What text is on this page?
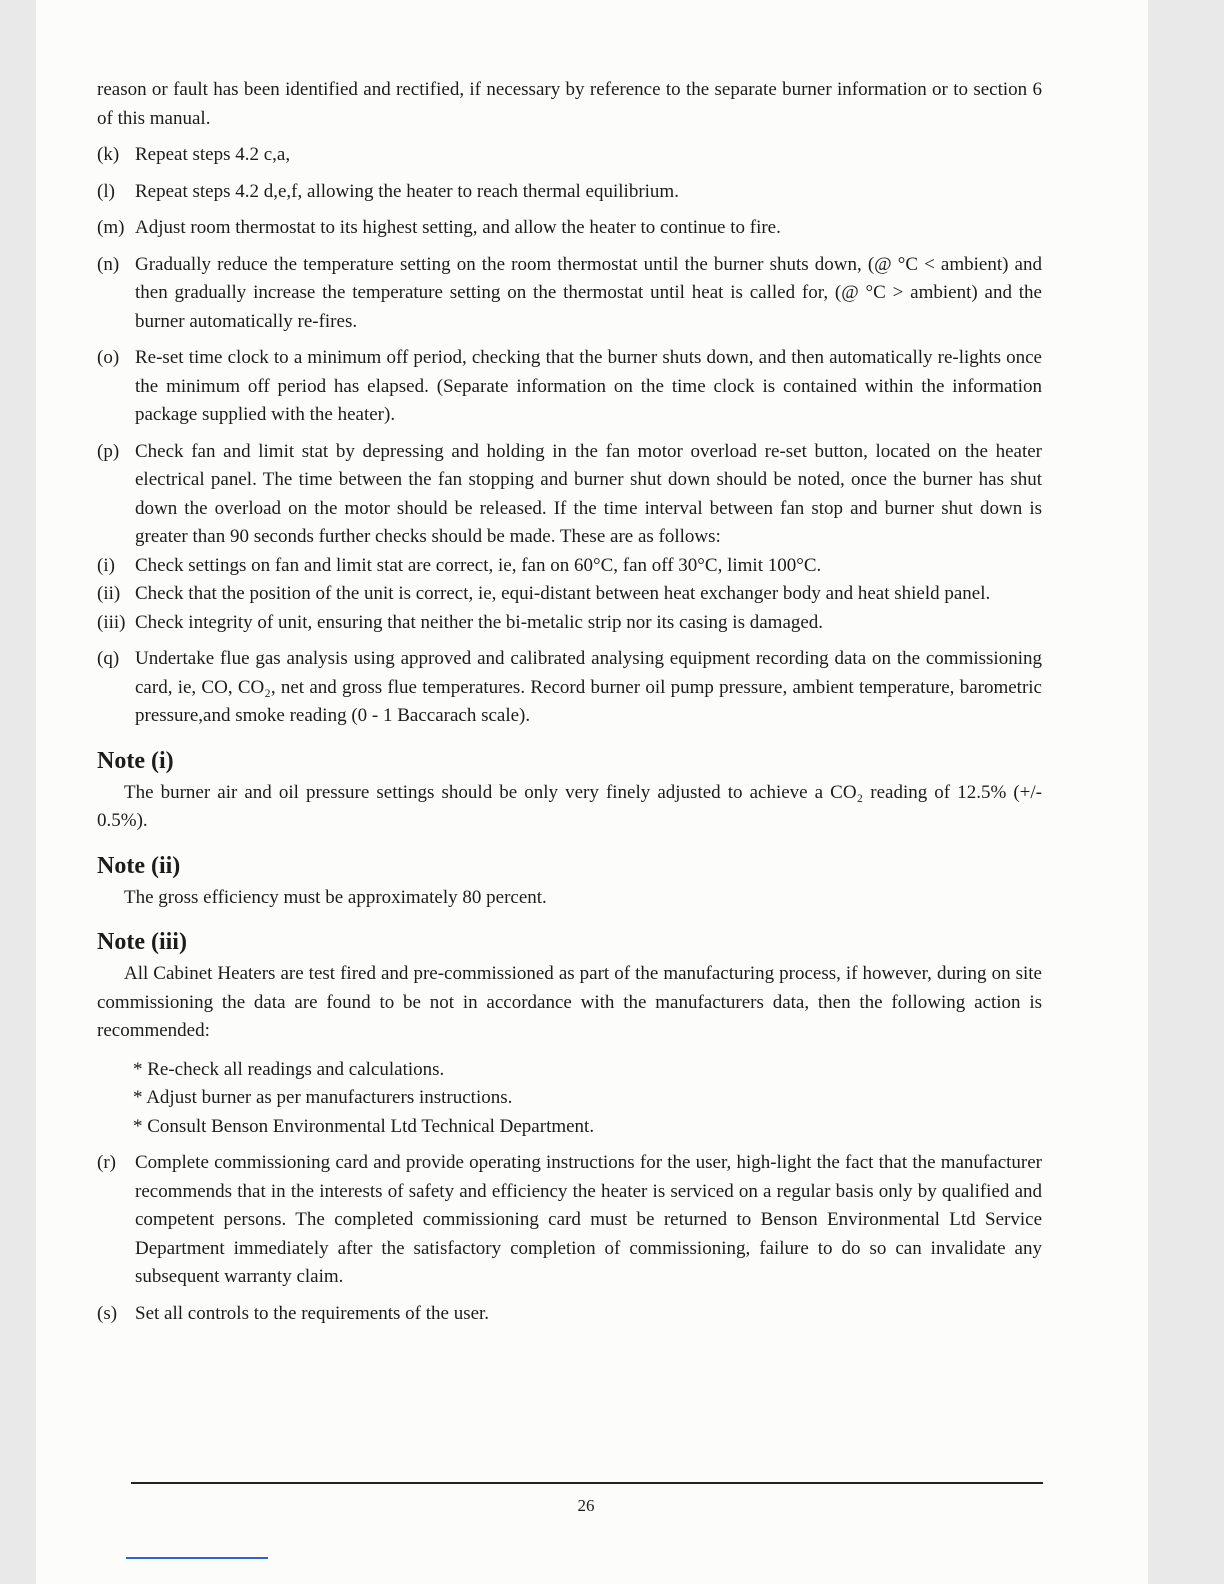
reason or fault has been identified and rectified, if necessary by reference to the separate burner information or to section 6 of this manual.

(k) Repeat steps 4.2 c,a,
(l)	Repeat steps 4.2 d,e,f, allowing the heater to reach thermal equilibrium.
(m) Adjust room thermostat to its highest setting, and allow the heater to continue to fire.
(n) Gradually reduce the temperature setting on the room thermostat until the burner shuts down, (@ °C < ambient) and then gradually increase the temperature setting on the thermostat until heat is called for, (@ °C > ambient) and the burner automatically re-fires.
(o) Re-set time clock to a minimum off period, checking that the burner shuts down, and then automatically re-lights once the minimum off period has elapsed. (Separate information on the time clock is contained within the information package supplied with the heater).
(p) Check fan and limit stat by depressing and holding in the fan motor overload re-set button, located on the heater electrical panel. The time between the fan stopping and burner shut down should be noted, once the burner has shut down the overload on the motor should be released. If the time interval between fan stop and burner shut down is greater than 90 seconds further checks should be made. These are as follows:
(i)	Check settings on fan and limit stat are correct, ie, fan on 60°C, fan off 30°C, limit 100°C.
(ii) Check that the position of the unit is correct, ie, equi-distant between heat exchanger body and heat shield panel.
(iii) Check integrity of unit, ensuring that neither the bi-metalic strip nor its casing is damaged.
(q) Undertake flue gas analysis using approved and calibrated analysing equipment recording data on the commissioning card, ie, CO, CO₂, net and gross flue temperatures. Record burner oil pump pressure, ambient temperature, barometric pressure,and smoke reading (0 - 1 Baccarach scale).
Note (i)

The burner air and oil pressure settings should be only very finely adjusted to achieve a CO₂ reading of 12.5% (+/- 0.5%).

Note (ii)

The gross efficiency must be approximately 80 percent.

Note (iii)

All Cabinet Heaters are test fired and pre-commissioned as part of the manufacturing process, if however, during on site commissioning the data are found to be not in accordance with the manufacturers data, then the following action is recommended:

* Re-check all readings and calculations.
* Adjust burner as per manufacturers instructions.
* Consult Benson Environmental Ltd Technical Department.
(r)	Complete commissioning card and provide operating instructions for the user, high-light the fact that the manufacturer recommends that in the interests of safety and efficiency the heater is serviced on a regular basis only by qualified and competent persons. The completed commissioning card must be returned to Benson Environmental Ltd Service Department immediately after the satisfactory completion of commissioning, failure to do so can invalidate any subsequent warranty claim.
(s) Set all controls to the requirements of the user.
26
